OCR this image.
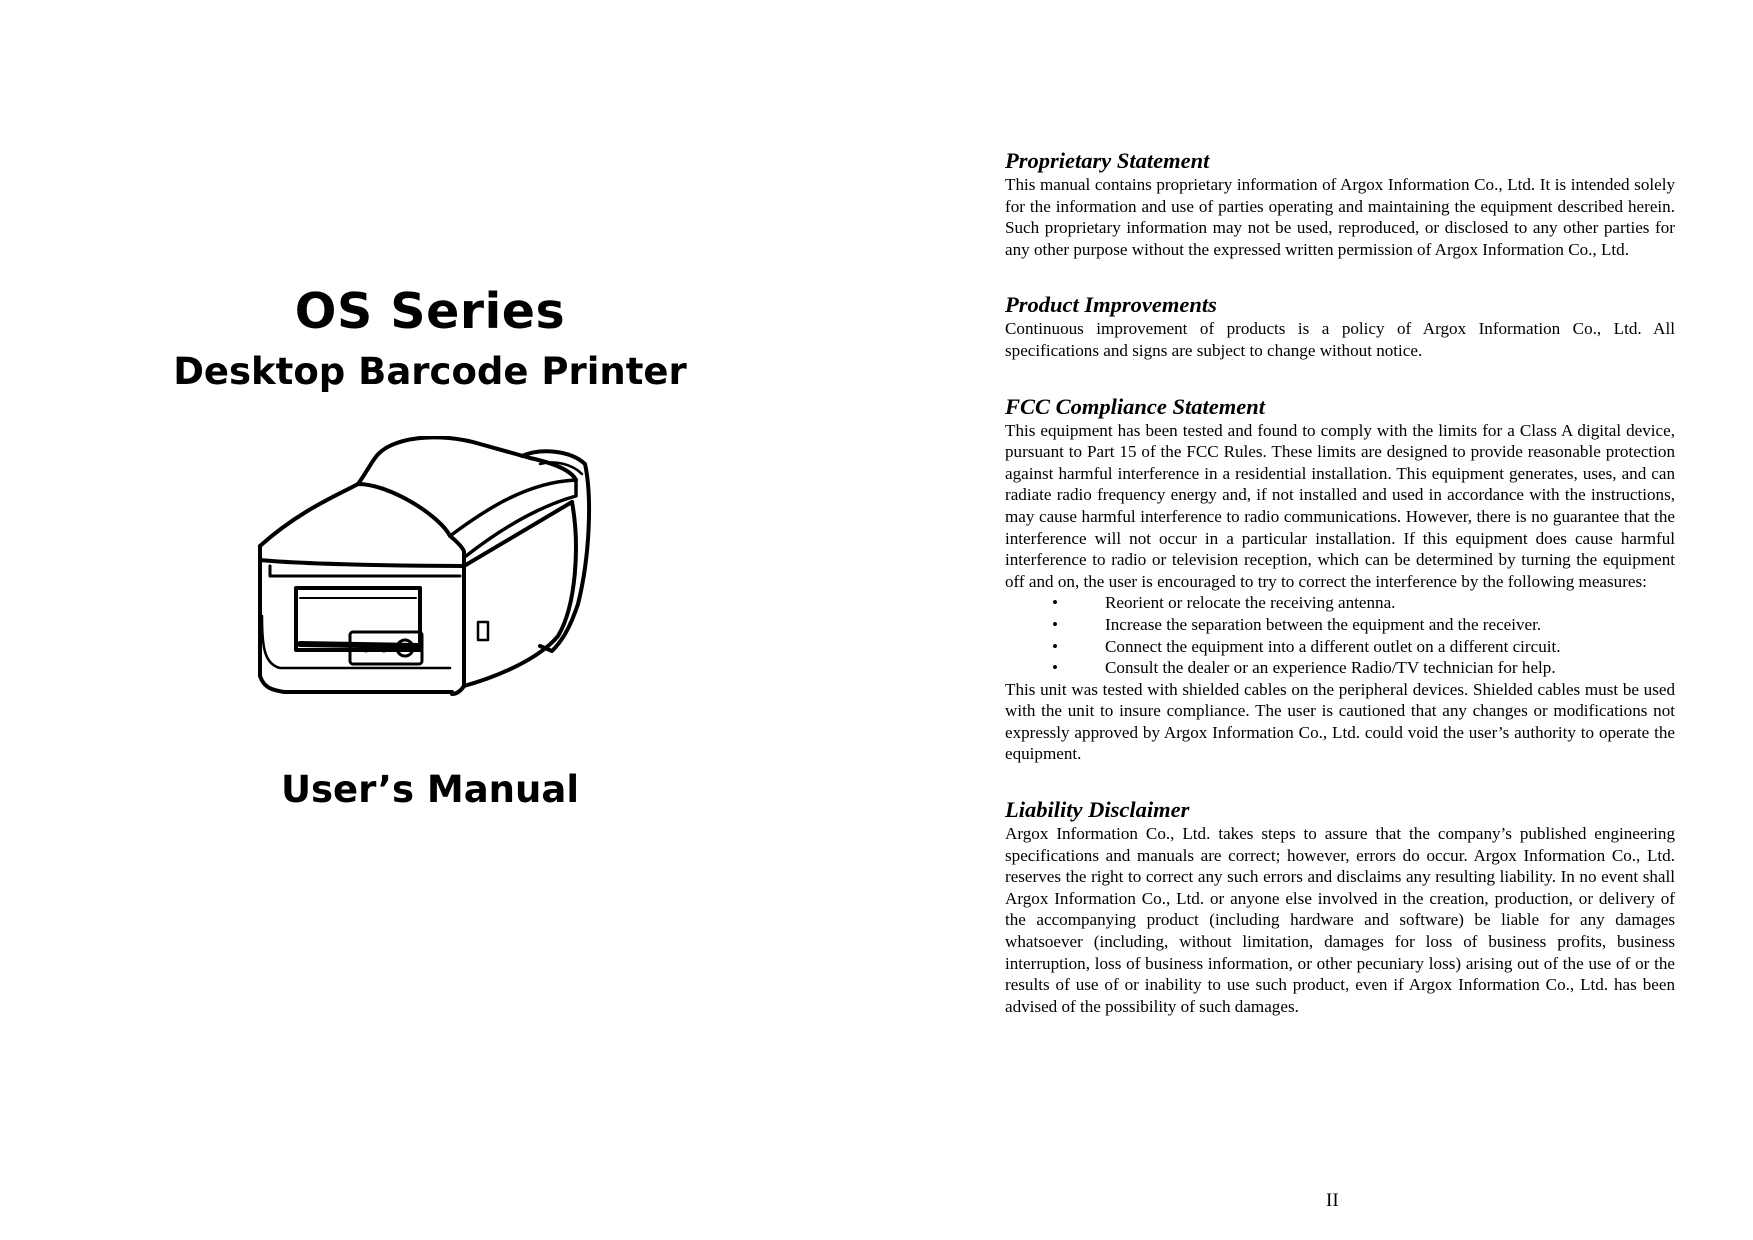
OS Series
Desktop Barcode Printer
User’s Manual
Proprietary Statement

This manual contains proprietary information of Argox Information Co., Ltd. It is intended solely for the information and use of parties operating and maintaining the equipment described herein. Such proprietary information may not be used, reproduced, or disclosed to any other parties for any other purpose without the expressed written permission of Argox Information Co., Ltd.

Product Improvements

Continuous improvement of products is a policy of Argox Information Co., Ltd. All specifications and signs are subject to change without notice.

FCC Compliance Statement

This equipment has been tested and found to comply with the limits for a Class A digital device, pursuant to Part 15 of the FCC Rules. These limits are designed to provide reasonable protection against harmful interference in a residential installation. This equipment generates, uses, and can radiate radio frequency energy and, if not installed and used in accordance with the instructions, may cause harmful interference to radio communications. However, there is no guarantee that the interference will not occur in a particular installation. If this equipment does cause harmful interference to radio or television reception, which can be determined by turning the equipment off and on, the user is encouraged to try to correct the interference by the following measures:

• Reorient or relocate the receiving antenna.
• Increase the separation between the equipment and the receiver.
• Connect the equipment into a different outlet on a different circuit.
• Consult the dealer or an experience Radio/TV technician for help.

This unit was tested with shielded cables on the peripheral devices. Shielded cables must be used with the unit to insure compliance. The user is cautioned that any changes or modifications not expressly approved by Argox Information Co., Ltd. could void the user’s authority to operate the equipment.

Liability Disclaimer

Argox Information Co., Ltd. takes steps to assure that the company’s published engineering specifications and manuals are correct; however, errors do occur. Argox Information Co., Ltd. reserves the right to correct any such errors and disclaims any resulting liability. In no event shall Argox Information Co., Ltd. or anyone else involved in the creation, production, or delivery of the accompanying product (including hardware and software) be liable for any damages whatsoever (including, without limitation, damages for loss of business profits, business interruption, loss of business information, or other pecuniary loss) arising out of the use of or the results of use of or inability to use such product, even if Argox Information Co., Ltd. has been advised of the possibility of such damages.

II
